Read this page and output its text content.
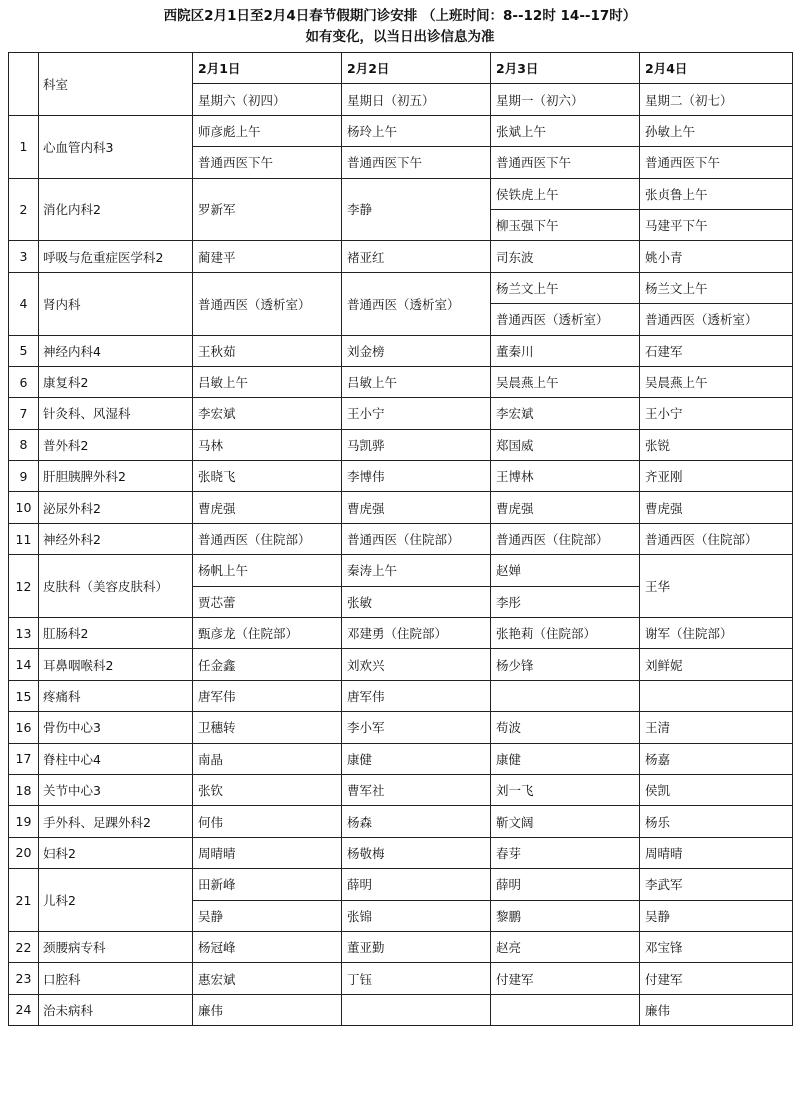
西院区2月1日至2月4日春节假期门诊安排 （上班时间：8--12时 14--17时）
如有变化，以当日出诊信息为准
	科室	2月1日	2月2日	2月3日	2月4日
		星期六（初四）	星期日（初五）	星期一（初六）	星期二（初七）
1	心血管内科3	师彦彪上午	杨玲上午	张斌上午	孙敏上午
		普通西医下午	普通西医下午	普通西医下午	普通西医下午
2	消化内科2	罗新军	李静	侯铁虎上午	张贞鲁上午
				柳玉强下午	马建平下午
3	呼吸与危重症医学科2	蔺建平	褚亚红	司东波	姚小青
4	肾内科	普通西医（透析室）	普通西医（透析室）	杨兰文上午	杨兰文上午
				普通西医（透析室）	普通西医（透析室）
5	神经内科4	王秋茹	刘金榜	董秦川	石建军
6	康复科2	吕敏上午	吕敏上午	吴晨燕上午	吴晨燕上午
7	针灸科、风湿科	李宏斌	王小宁	李宏斌	王小宁
8	普外科2	马林	马凯骅	郑国威	张锐
9	肝胆胰脾外科2	张晓飞	李博伟	王博林	齐亚刚
10	泌尿外科2	曹虎强	曹虎强	曹虎强	曹虎强
11	神经外科2	普通西医（住院部）	普通西医（住院部）	普通西医（住院部）	普通西医（住院部）
12	皮肤科（美容皮肤科）	杨帆上午	秦涛上午	赵婵	王华
		贾芯蕾	张敏	李彤	
13	肛肠科2	甄彦龙（住院部）	邓建勇（住院部）	张艳莉（住院部）	谢军（住院部）
14	耳鼻咽喉科2	任金鑫	刘欢兴	杨少锋	刘鲜妮
15	疼痛科	唐军伟	唐军伟		
16	骨伤中心3	卫穗转	李小军	苟波	王清
17	脊柱中心4	南晶	康健	康健	杨嘉
18	关节中心3	张钦	曹军社	刘一飞	侯凯
19	手外科、足踝外科2	何伟	杨森	靳文阔	杨乐
20	妇科2	周晴晴	杨敬梅	春芽	周晴晴
21	儿科2	田新峰	薛明	薛明	李武军
		吴静	张锦	黎鹏	吴静
22	颈腰病专科	杨冠峰	董亚勤	赵亮	邓宝锋
23	口腔科	惠宏斌	丁钰	付建军	付建军
24	治未病科	廉伟			廉伟
